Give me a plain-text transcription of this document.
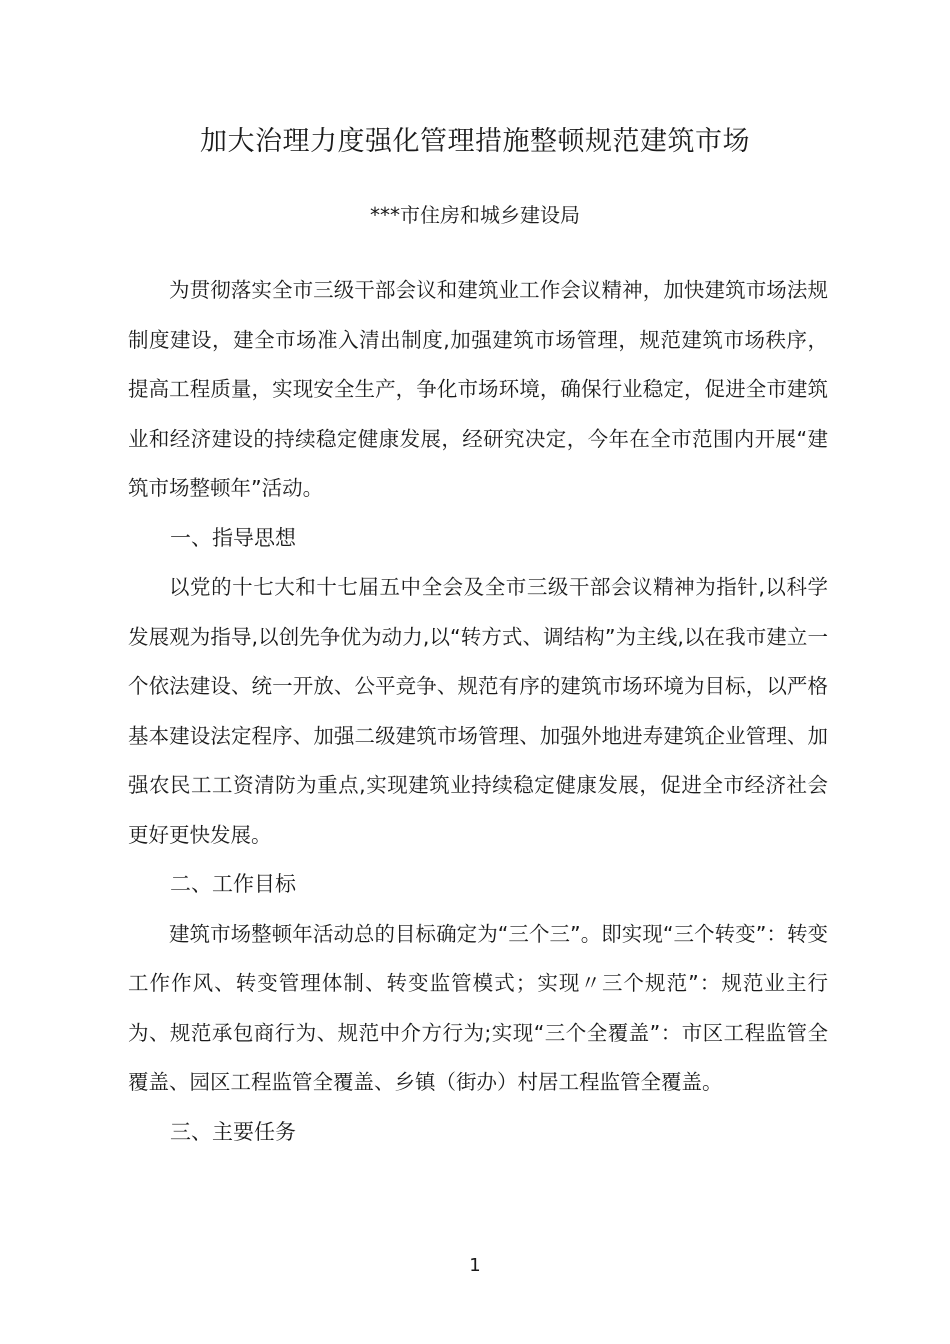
加大治理力度强化管理措施整顿规范建筑市场
***市住房和城乡建设局

为贯彻落实全市三级干部会议和建筑业工作会议精神，加快建筑市场法规制度建设，建全市场准入清出制度,加强建筑市场管理，规范建筑市场秩序，提高工程质量，实现安全生产，争化市场环境，确保行业稳定，促进全市建筑业和经济建设的持续稳定健康发展，经研究决定，今年在全市范围内开展“建筑市场整顿年”活动。

一、指导思想

以党的十七大和十七届五中全会及全市三级干部会议精神为指针,以科学发展观为指导,以创先争优为动力,以“转方式、调结构”为主线,以在我市建立一个依法建设、统一开放、公平竞争、规范有序的建筑市场环境为目标，以严格基本建设法定程序、加强二级建筑市场管理、加强外地进寿建筑企业管理、加强农民工工资清防为重点,实现建筑业持续稳定健康发展，促进全市经济社会更好更快发展。

二、工作目标

建筑市场整顿年活动总的目标确定为“三个三”。即实现“三个转变”：转变工作作风、转变管理体制、转变监管模式；实现〃三个规范”：规范业主行为、规范承包商行为、规范中介方行为;实现“三个全覆盖”：市区工程监管全覆盖、园区工程监管全覆盖、乡镇（街办）村居工程监管全覆盖。

三、主要任务

1
